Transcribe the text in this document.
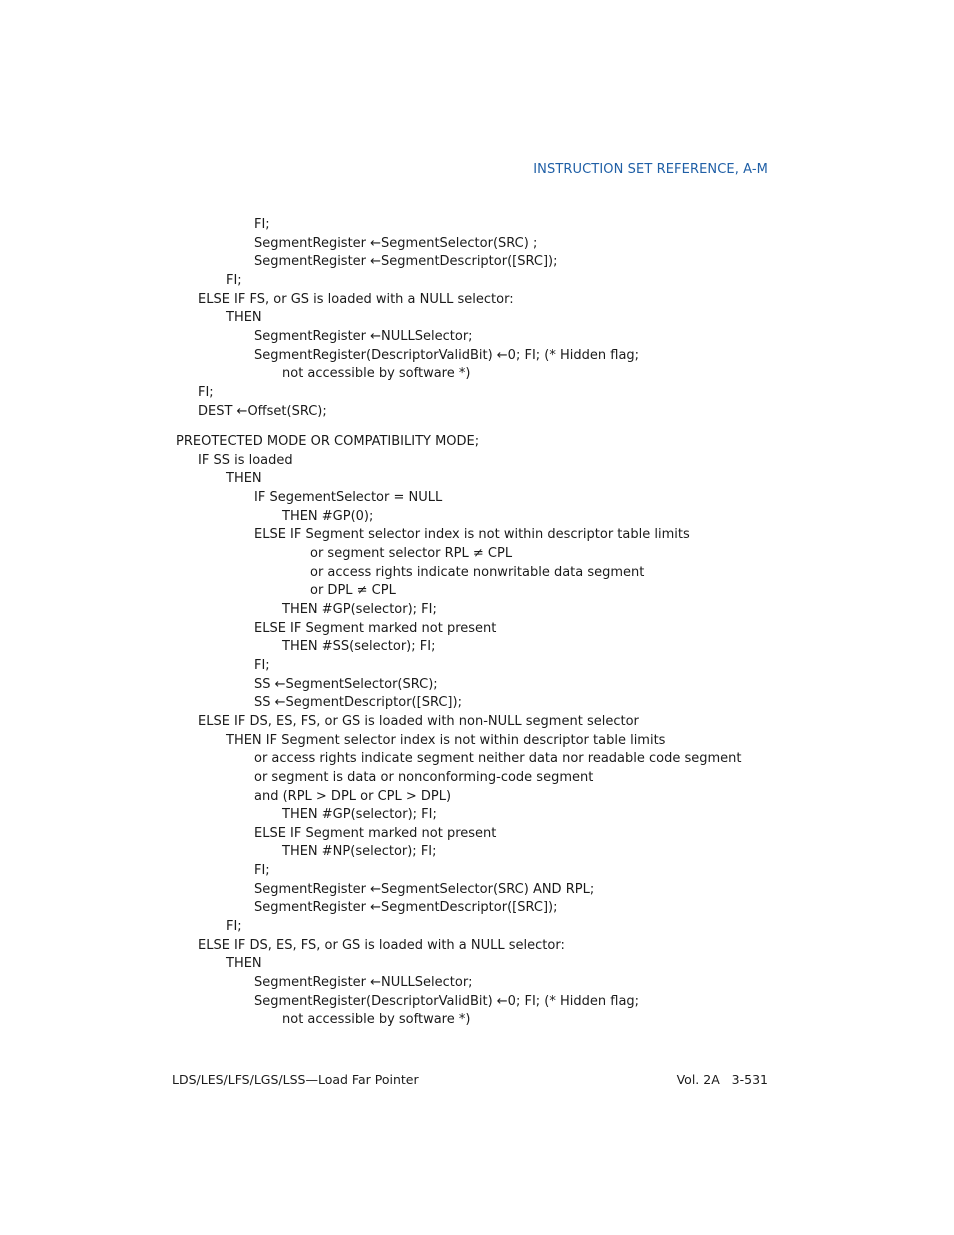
INSTRUCTION SET REFERENCE, A-M
FI;
SegmentRegister ←SegmentSelector(SRC) ;
SegmentRegister ←SegmentDescriptor([SRC]);
FI;
ELSE IF FS, or GS is loaded with a NULL selector:
THEN
SegmentRegister ←NULLSelector;
SegmentRegister(DescriptorValidBit) ←0; FI; (* Hidden flag;
not accessible by software *)
FI;
DEST ←Offset(SRC);
PREOTECTED MODE OR COMPATIBILITY MODE;
IF SS is loaded
THEN
IF SegementSelector = NULL
THEN #GP(0);
ELSE IF Segment selector index is not within descriptor table limits
or segment selector RPL ≠ CPL
or access rights indicate nonwritable data segment
or DPL ≠ CPL
THEN #GP(selector); FI;
ELSE IF Segment marked not present
THEN #SS(selector); FI;
FI;
SS ←SegmentSelector(SRC);
SS ←SegmentDescriptor([SRC]);
ELSE IF DS, ES, FS, or GS is loaded with non-NULL segment selector
THEN IF Segment selector index is not within descriptor table limits
or access rights indicate segment neither data nor readable code segment
or segment is data or nonconforming-code segment
and (RPL > DPL or CPL > DPL)
THEN #GP(selector); FI;
ELSE IF Segment marked not present
THEN #NP(selector); FI;
FI;
SegmentRegister ←SegmentSelector(SRC) AND RPL;
SegmentRegister ←SegmentDescriptor([SRC]);
FI;
ELSE IF DS, ES, FS, or GS is loaded with a NULL selector:
THEN
SegmentRegister ←NULLSelector;
SegmentRegister(DescriptorValidBit) ←0; FI; (* Hidden flag;
not accessible by software *)
LDS/LES/LFS/LGS/LSS—Load Far Pointer	Vol. 2A   3-531
